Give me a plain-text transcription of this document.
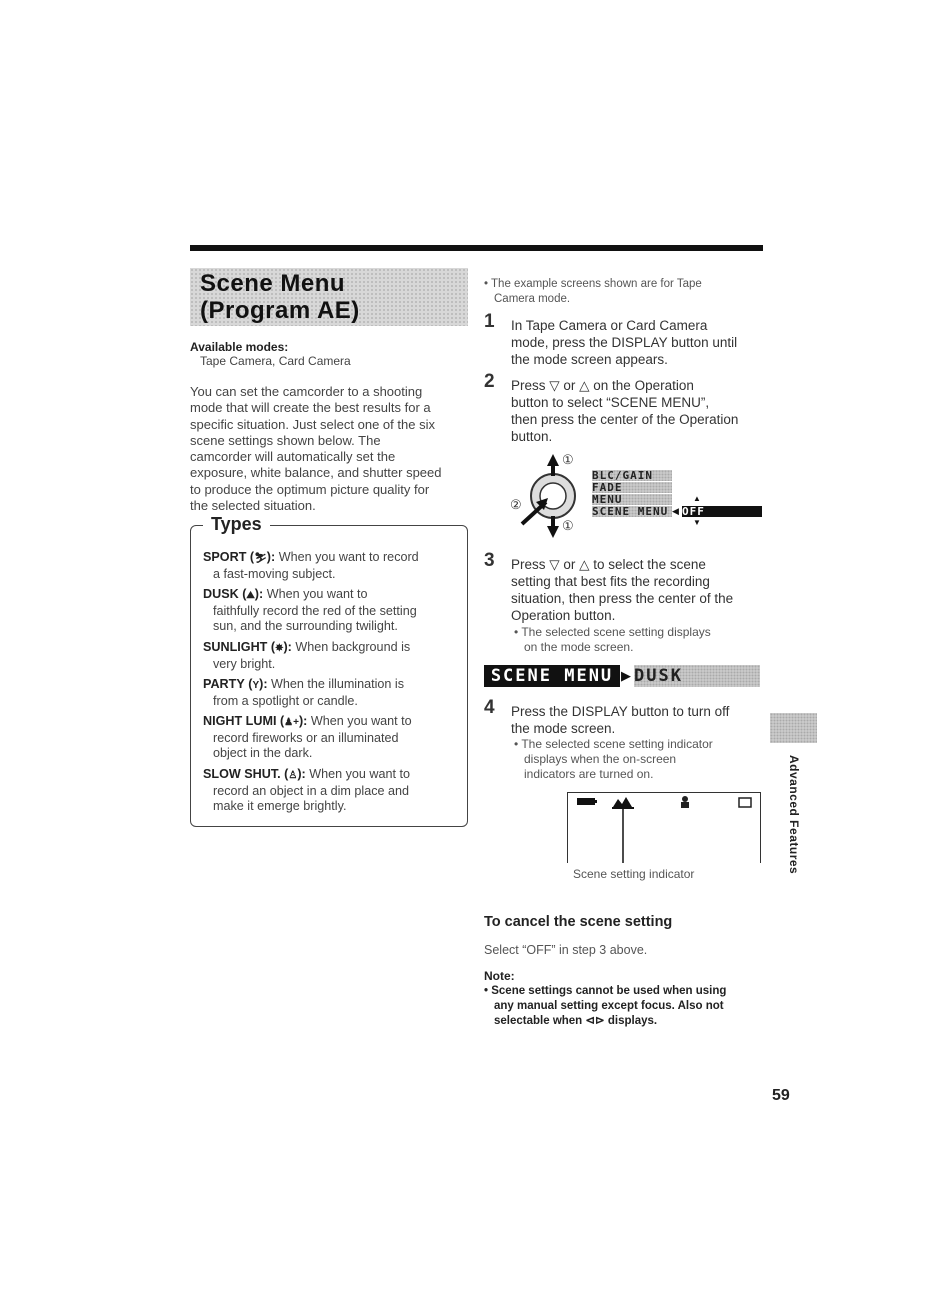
Scene Menu
(Program AE)
Available modes:
Tape Camera, Card Camera
You can set the camcorder to a shooting
mode that will create the best results for a
specific situation. Just select one of the six
scene settings shown below. The
camcorder will automatically set the
exposure, white balance, and shutter speed
to produce the optimum picture quality for
the selected situation.
Types
SPORT (⛷): When you want to record
a fast-moving subject.
DUSK (⛰): When you want to
faithfully record the red of the setting
sun, and the surrounding twilight.
SUNLIGHT (✸): When background is
very bright.
PARTY (Y): When the illumination is
from a spotlight or candle.
NIGHT LUMI (♟+): When you want to
record fireworks or an illuminated
object in the dark.
SLOW SHUT. (♙): When you want to
record an object in a dim place and
make it emerge brightly.
• The example screens shown are for Tape
Camera mode.
1 In Tape Camera or Card Camera
mode, press the DISPLAY button until
the mode screen appears.
2 Press ▽ or △ on the Operation
button to select “SCENE MENU”,
then press the center of the Operation
button.
①
②
①
BLC/GAIN
FADE
MENU
SCENE MENU
▲
▼
◀ OFF
3 Press ▽ or △ to select the scene
setting that best fits the recording
situation, then press the center of the
Operation button.
• The selected scene setting displays
on the mode screen.
SCENE MENU ▶ DUSK
4 Press the DISPLAY button to turn off
the mode screen.
• The selected scene setting indicator
displays when the on-screen
indicators are turned on.
Scene setting indicator	Advanced Features
To cancel the scene setting
Select “OFF” in step 3 above.
Note:
• Scene settings cannot be used when using
any manual setting except focus. Also not
selectable when ⊲⊳ displays.
59
